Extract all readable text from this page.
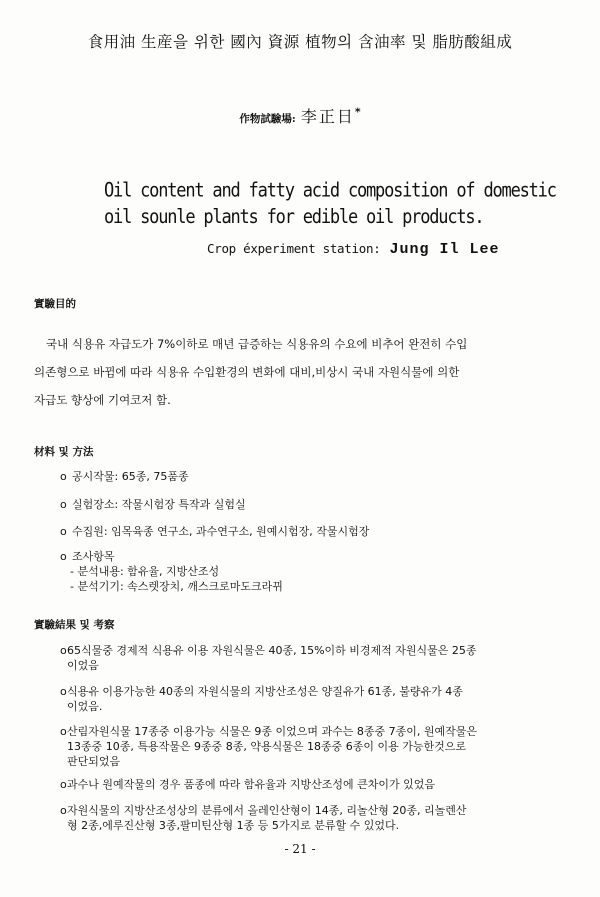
食用油 生産을 위한 國內 資源 植物의 含油率 및 脂肪酸組成
作物試驗場: 李正日*
Oil content and fatty acid composition of domestic
oil sounle plants for edible oil products.
Crop éxperiment station: Jung Il Lee
實驗目的
국내 식용유 자급도가 7%이하로 매년 급증하는 식용유의 수요에 비추어 완전히 수입
의존형으로 바뀜에 따라 식용유 수입환경의 변화에 대비,비상시 국내 자원식물에 의한
자급도 향상에 기여코저 함.
材料 및 方法
o 공시작물: 65종, 75품종
o 실험장소: 작물시험장 특작과 실험실
o 수집원: 임목육종 연구소, 과수연구소, 원예시험장, 작물시험장
o 조사항목
- 분석내용: 함유율, 지방산조성
- 분석기기: 속스렛장치, 깨스크로마도크라뀌
實驗結果 및 考察
o 65식물중 경제적 식용유 이용 자원식물은 40종, 15%이하 비경제적 자원식물은 25종
이었음
o 식용유 이용가능한 40종의 자원식물의 지방산조성은 양질유가 61종, 불량유가 4종
이었음.
o 산림자원식물 17종중 이용가능 식물은 9종 이었으며 과수는 8종중 7종이, 원예작물은
13종중 10종, 특용작물은 9종중 8종, 약용식물은 18종중 6종이 이용 가능한것으로
판단되었음
o 과수나 원예작물의 경우 품종에 따라 함유율과 지방산조성에 큰차이가 있었음
o 자원식물의 지방산조성상의 분류에서 올레인산형이 14종, 리놀산형 20종, 리놀렌산
형 2종,에루진산형 3종,팔미틴산형 1종 등 5가지로 분류할 수 있었다.
- 21 -
